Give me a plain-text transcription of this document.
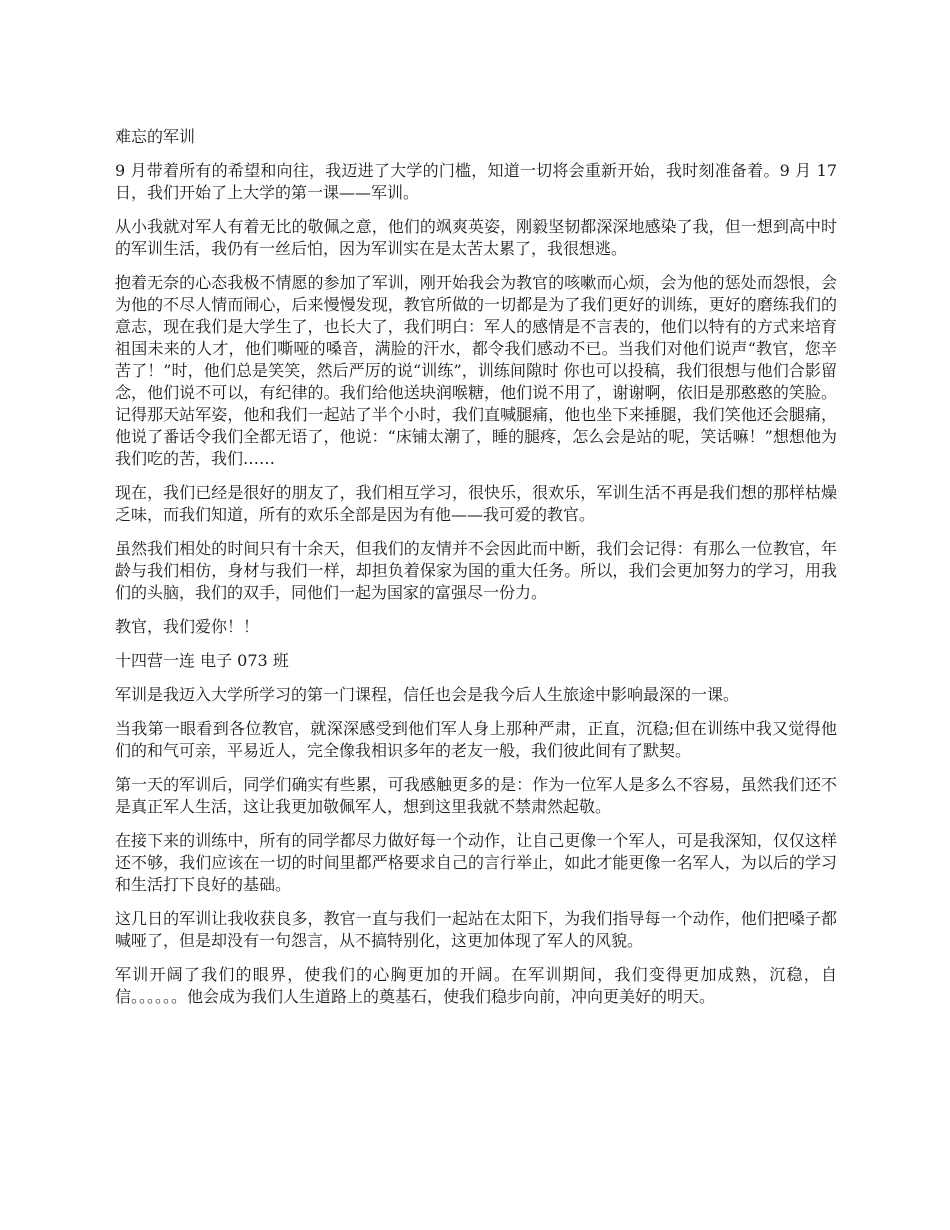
难忘的军训

9 月带着所有的希望和向往，我迈进了大学的门槛，知道一切将会重新开始，我时刻准备着。9 月 17 日，我们开始了上大学的第一课——军训。

从小我就对军人有着无比的敬佩之意，他们的飒爽英姿，刚毅坚韧都深深地感染了我，但一想到高中时的军训生活，我仍有一丝后怕，因为军训实在是太苦太累了，我很想逃。

抱着无奈的心态我极不情愿的参加了军训，刚开始我会为教官的咳嗽而心烦，会为他的惩处而怨恨，会为他的不尽人情而闹心，后来慢慢发现，教官所做的一切都是为了我们更好的训练，更好的磨练我们的意志，现在我们是大学生了，也长大了，我们明白：军人的感情是不言表的，他们以特有的方式来培育祖国未来的人才，他们嘶哑的嗓音，满脸的汗水，都令我们感动不已。当我们对他们说声“教官，您辛苦了！”时，他们总是笑笑，然后严厉的说“训练”，训练间隙时 你也可以投稿，我们很想与他们合影留念，他们说不可以，有纪律的。我们给他送块润喉糖，他们说不用了，谢谢啊，依旧是那憨憨的笑脸。记得那天站军姿，他和我们一起站了半个小时，我们直喊腿痛，他也坐下来捶腿，我们笑他还会腿痛，他说了番话令我们全都无语了，他说：“床铺太潮了，睡的腿疼，怎么会是站的呢，笑话嘛！”想想他为我们吃的苦，我们……

现在，我们已经是很好的朋友了，我们相互学习，很快乐，很欢乐，军训生活不再是我们想的那样枯燥乏味，而我们知道，所有的欢乐全部是因为有他——我可爱的教官。

虽然我们相处的时间只有十余天，但我们的友情并不会因此而中断，我们会记得：有那么一位教官，年龄与我们相仿，身材与我们一样，却担负着保家为国的重大任务。所以，我们会更加努力的学习，用我们的头脑，我们的双手，同他们一起为国家的富强尽一份力。

教官，我们爱你！！

十四营一连 电子 073 班

军训是我迈入大学所学习的第一门课程，信任也会是我今后人生旅途中影响最深的一课。

当我第一眼看到各位教官，就深深感受到他们军人身上那种严肃，正直，沉稳;但在训练中我又觉得他们的和气可亲，平易近人，完全像我相识多年的老友一般，我们彼此间有了默契。

第一天的军训后，同学们确实有些累，可我感触更多的是：作为一位军人是多么不容易，虽然我们还不是真正军人生活，这让我更加敬佩军人，想到这里我就不禁肃然起敬。

在接下来的训练中，所有的同学都尽力做好每一个动作，让自己更像一个军人，可是我深知，仅仅这样还不够，我们应该在一切的时间里都严格要求自己的言行举止，如此才能更像一名军人，为以后的学习和生活打下良好的基础。

这几日的军训让我收获良多，教官一直与我们一起站在太阳下，为我们指导每一个动作，他们把嗓子都喊哑了，但是却没有一句怨言，从不搞特别化，这更加体现了军人的风貌。

军训开阔了我们的眼界，使我们的心胸更加的开阔。在军训期间，我们变得更加成熟，沉稳，自信。。。。。。他会成为我们人生道路上的奠基石，使我们稳步向前，冲向更美好的明天。
